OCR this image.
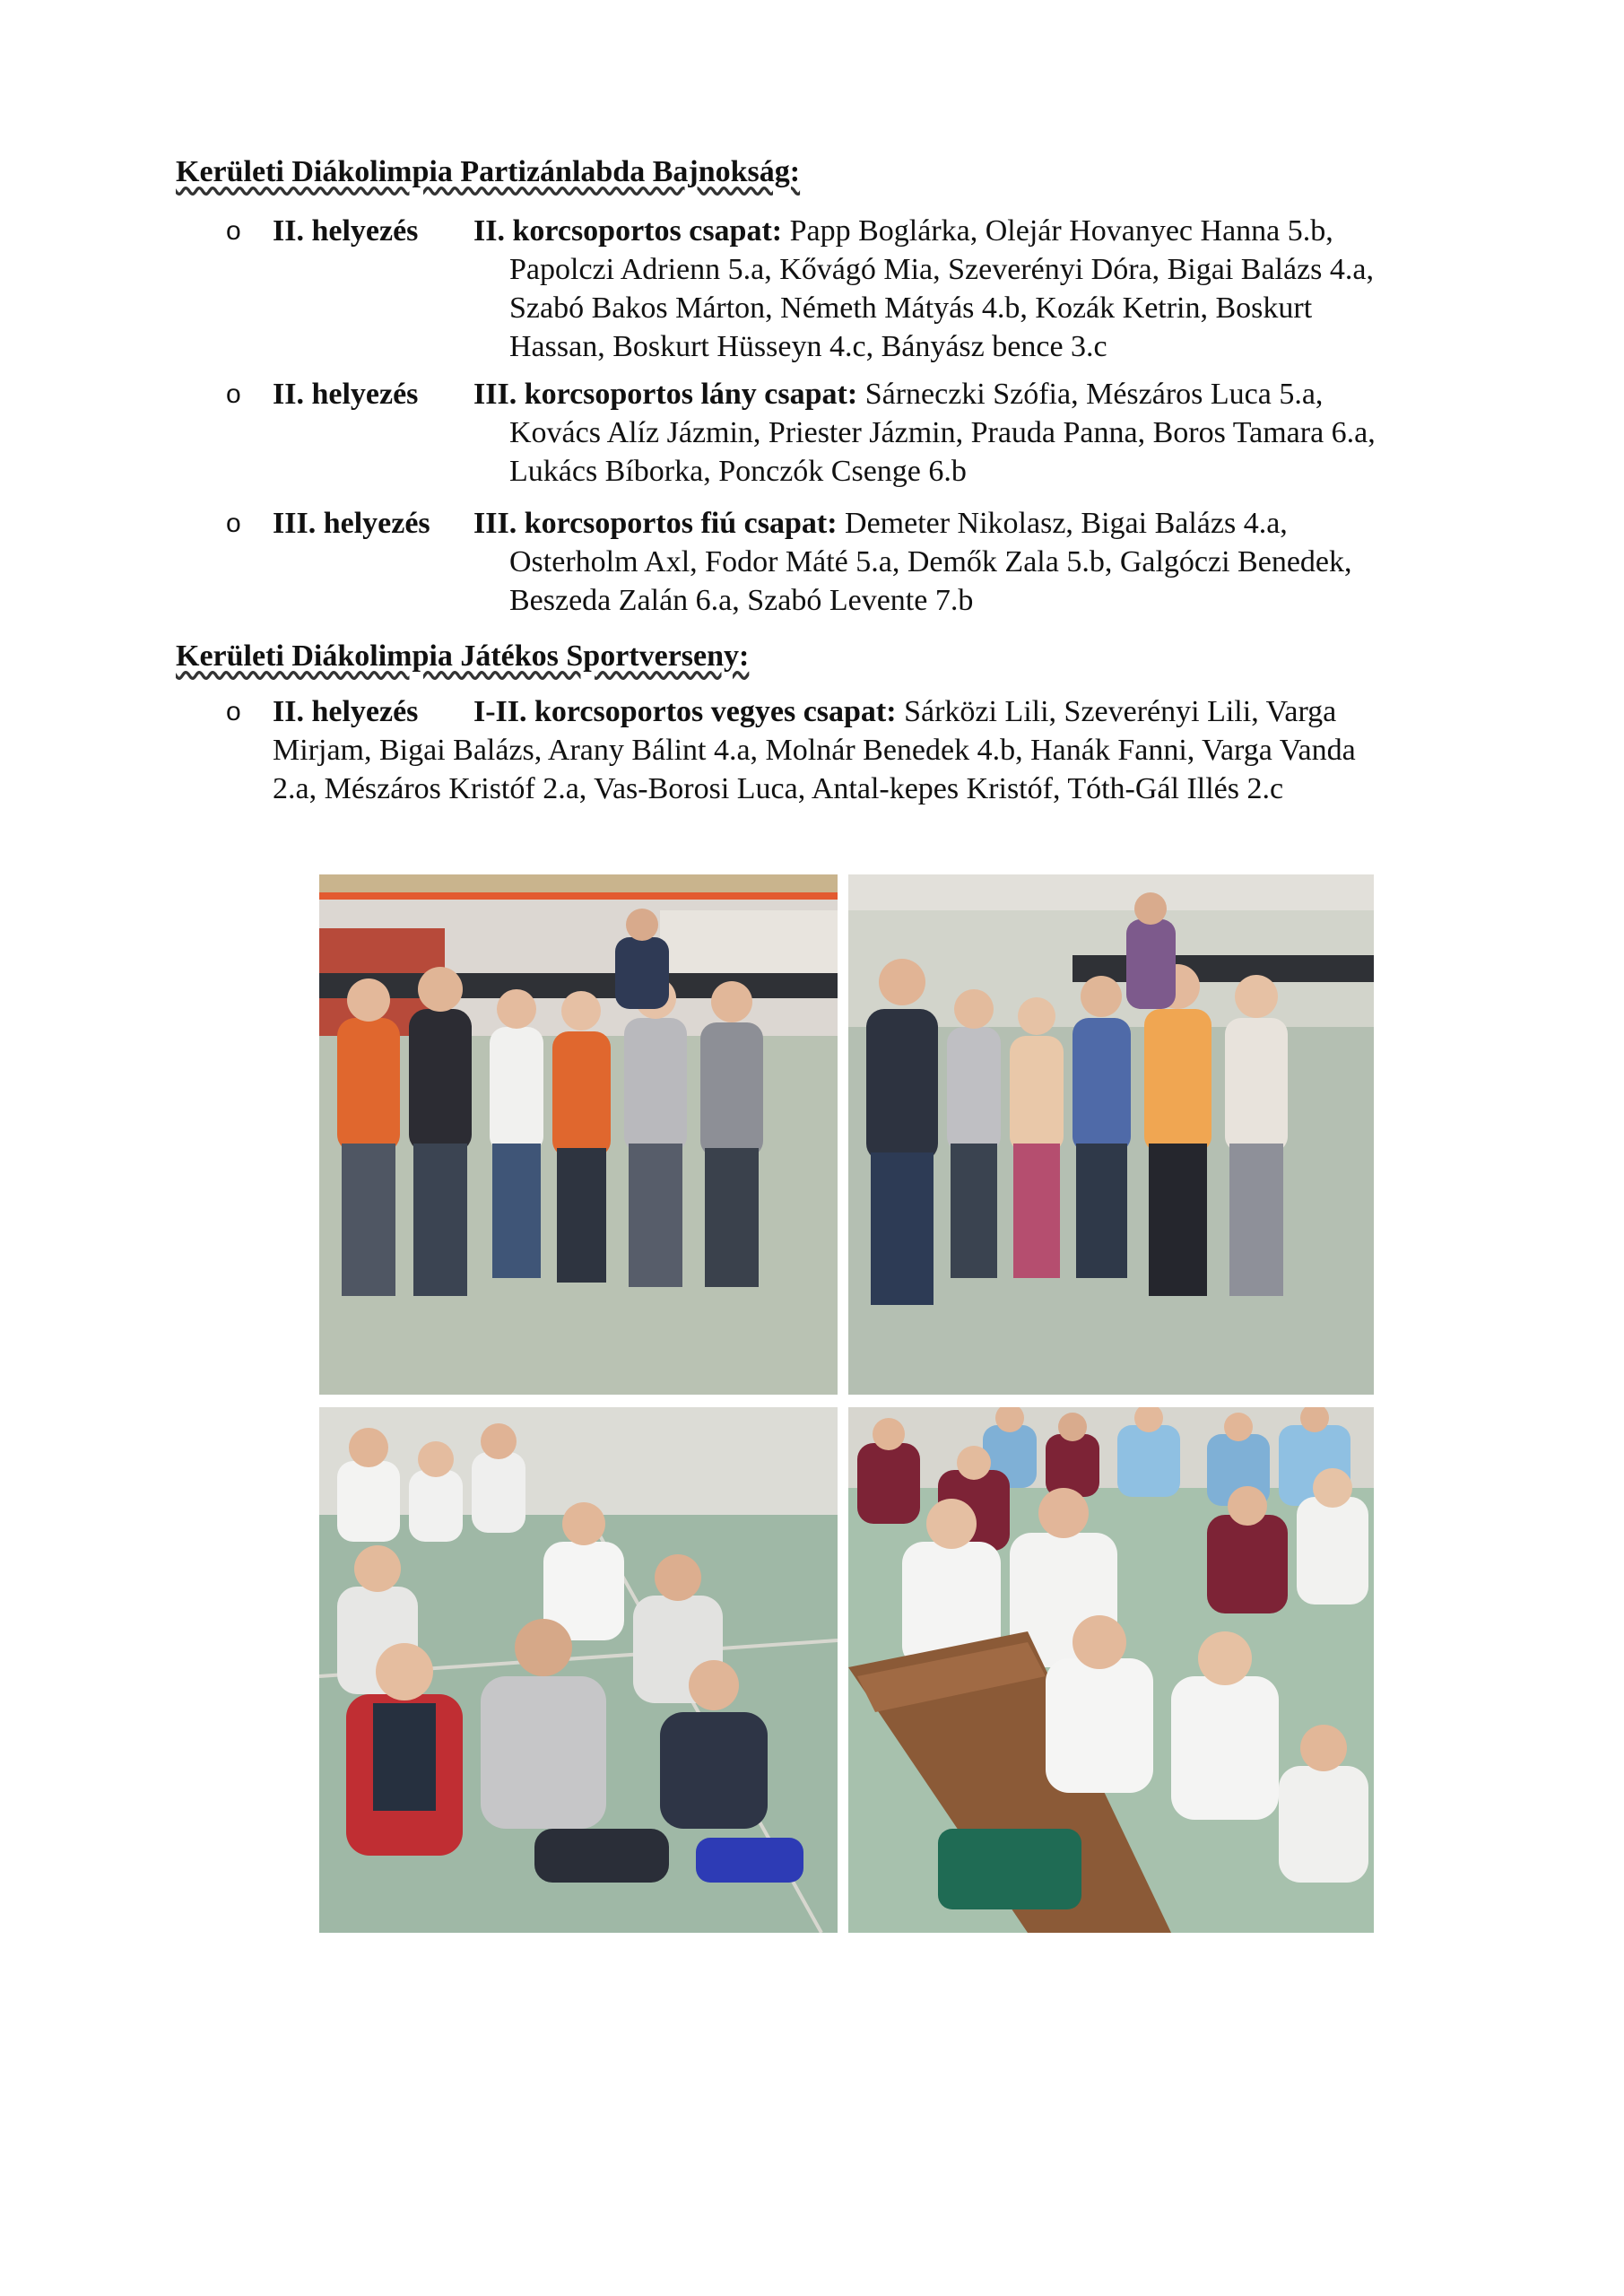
Kerületi Diákolimpia Partizánlabda Bajnokság:
o II. helyezés II. korcsoportos csapat: Papp Boglárka, Olejár Hovanyec Hanna 5.b,
Papolczi Adrienn 5.a, Kővágó Mia, Szeverényi Dóra, Bigai Balázs 4.a,
Szabó Bakos Márton, Németh Mátyás 4.b, Kozák Ketrin, Boskurt
Hassan, Boskurt Hüsseyn 4.c, Bányász bence 3.c
o II. helyezés III. korcsoportos lány csapat: Sárneczki Szófia, Mészáros Luca 5.a,
Kovács Alíz Jázmin, Priester Jázmin, Prauda Panna, Boros Tamara 6.a,
Lukács Bíborka, Ponczók Csenge 6.b
o III. helyezés III. korcsoportos fiú csapat: Demeter Nikolasz, Bigai Balázs 4.a,
Osterholm Axl, Fodor Máté 5.a, Demők Zala 5.b, Galgóczi Benedek,
Beszeda Zalán 6.a, Szabó Levente 7.b
Kerületi Diákolimpia Játékos Sportverseny:
o II. helyezés	I-II. korcsoportos vegyes csapat: Sárközi Lili, Szeverényi Lili, Varga
Mirjam, Bigai Balázs, Arany Bálint 4.a, Molnár Benedek 4.b, Hanák Fanni, Varga Vanda
2.a, Mészáros Kristóf 2.a, Vas-Borosi Luca, Antal-kepes Kristóf, Tóth-Gál Illés 2.c
